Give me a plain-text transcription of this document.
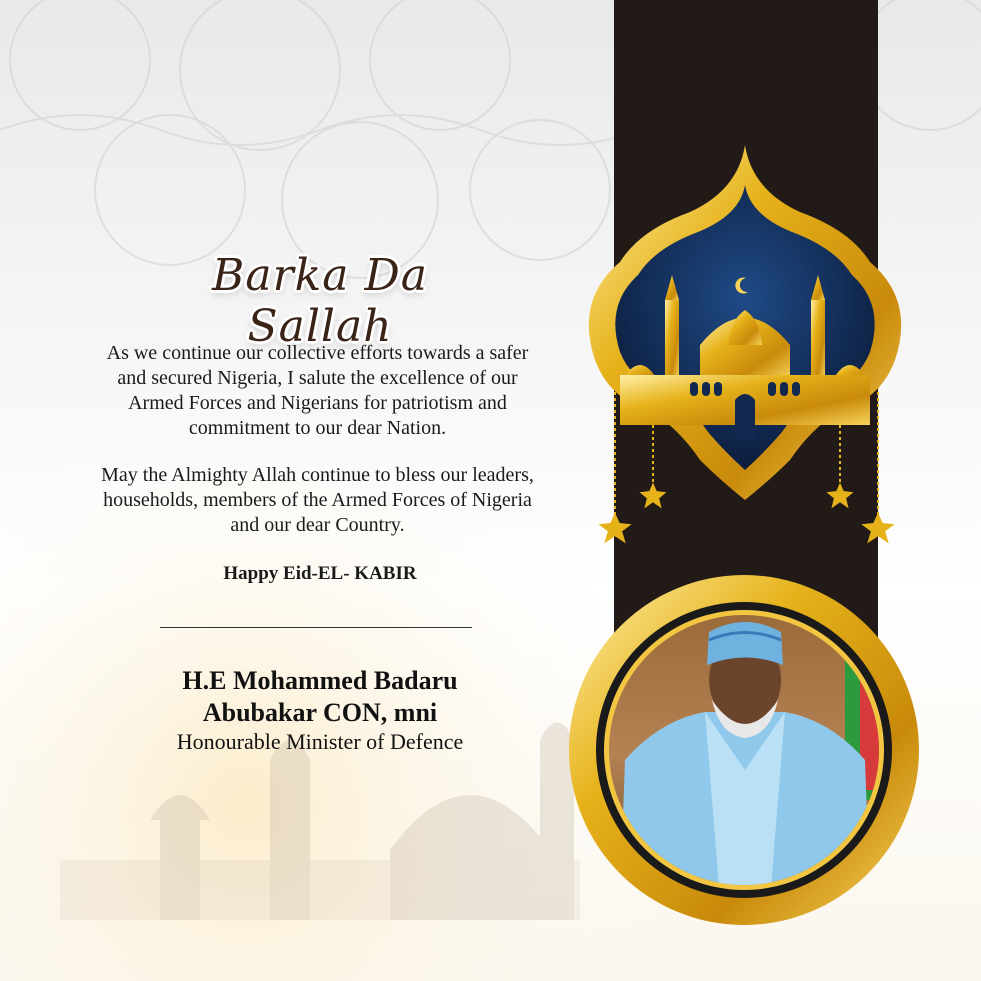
Barka Da Sallah
As we continue our collective efforts towards a safer and secured Nigeria, I salute the excellence of our Armed Forces and Nigerians for patriotism and commitment to our dear Nation.
May the Almighty Allah continue to bless our leaders, households, members of the Armed Forces of Nigeria and our dear Country.
Happy Eid-EL- KABIR
H.E Mohammed Badaru
Abubakar CON, mni
Honourable Minister of Defence
